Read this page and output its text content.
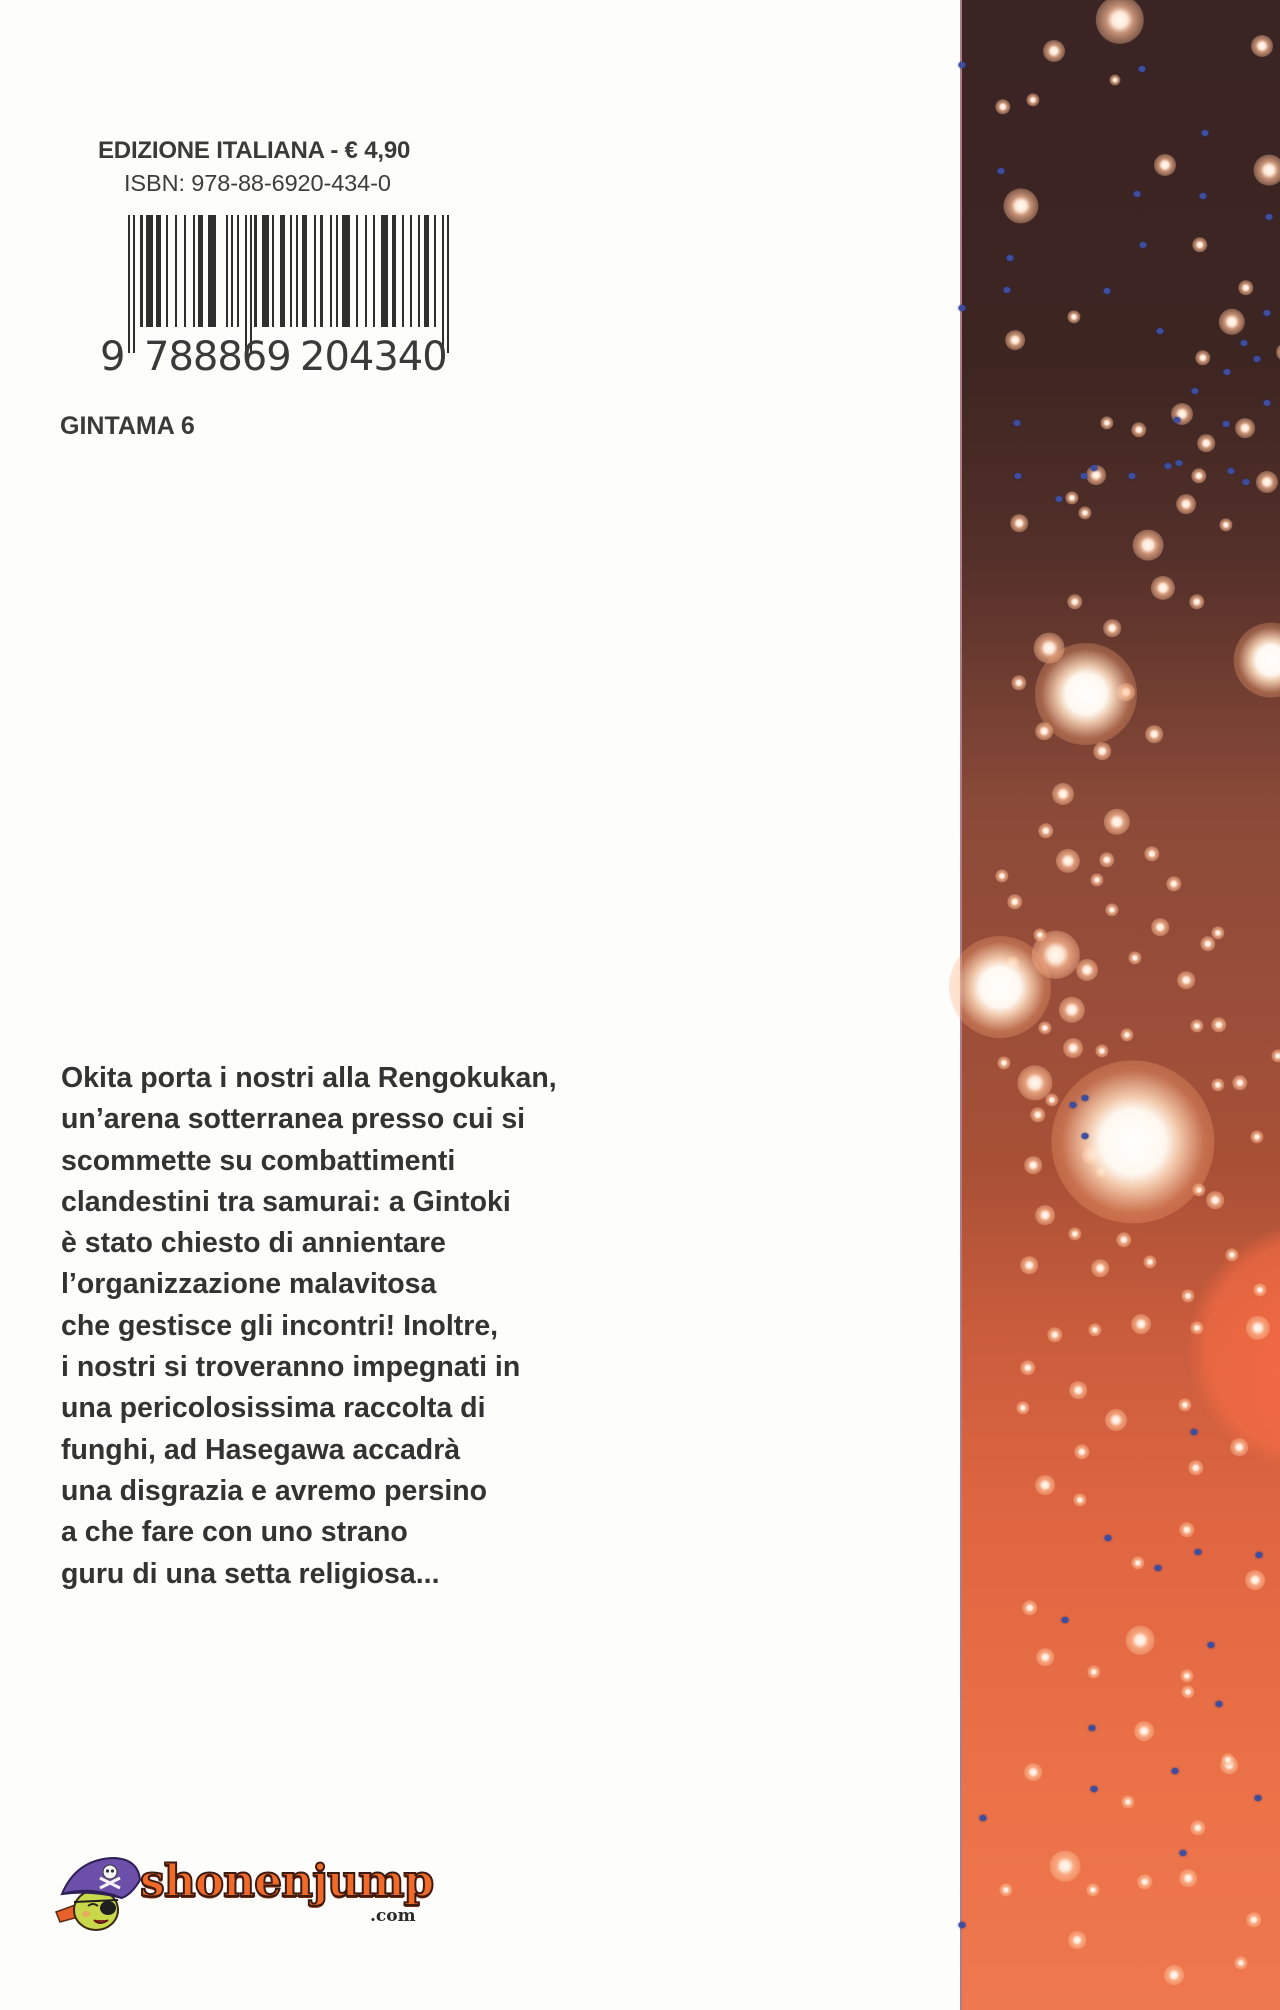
EDIZIONE ITALIANA - € 4,90
ISBN: 978-88-6920-434-0
9 788869 204340
GINTAMA 6
Okita porta i nostri alla Rengokukan,
un’arena sotterranea presso cui si
scommette su combattimenti
clandestini tra samurai: a Gintoki
è stato chiesto di annientare
l’organizzazione malavitosa
che gestisce gli incontri! Inoltre,
i nostri si troveranno impegnati in
una pericolosissima raccolta di
funghi, ad Hasegawa accadrà
una disgrazia e avremo persino
a che fare con uno strano
guru di una setta religiosa...
shonenjump
.com
